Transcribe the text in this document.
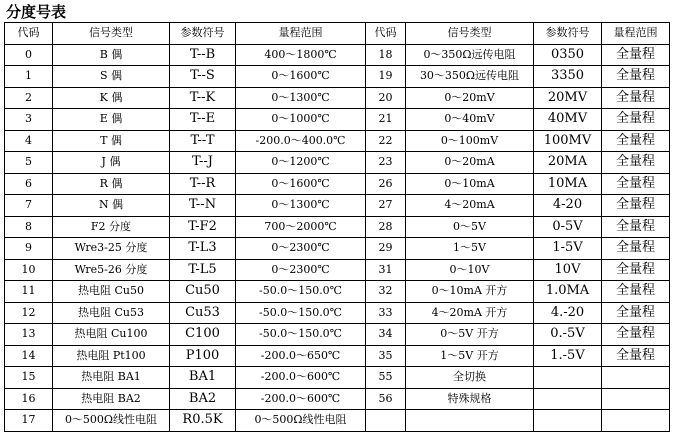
分度号表
代码	信号类型	参数符号	量程范围	代码	信号类型	参数符号	量程范围
0	B 偶	T--B	400～1800℃	18	0～350Ω远传电阻	0350	全量程
1	S 偶	T--S	0～1600℃	19	30～350Ω远传电阻	3350	全量程
2	K 偶	T--K	0～1300℃	20	0～20mV	20MV	全量程
3	E 偶	T--E	0～1000℃	21	0～40mV	40MV	全量程
4	T 偶	T--T	-200.0～400.0℃	22	0～100mV	100MV	全量程
5	J 偶	T--J	0～1200℃	23	0～20mA	20MA	全量程
6	R 偶	T--R	0～1600℃	26	0～10mA	10MA	全量程
7	N 偶	T--N	0～1300℃	27	4～20mA	4-20	全量程
8	F2 分度	T-F2	700～2000℃	28	0～5V	0-5V	全量程
9	Wre3-25 分度	T-L3	0～2300℃	29	1～5V	1-5V	全量程
10	Wre5-26 分度	T-L5	0～2300℃	31	0～10V	10V	全量程
11	热电阻 Cu50	Cu50	-50.0～150.0℃	32	0～10mA 开方	1.0MA	全量程
12	热电阻 Cu53	Cu53	-50.0～150.0℃	33	4～20mA 开方	4.-20	全量程
13	热电阻 Cu100	C100	-50.0～150.0℃	34	0～5V 开方	0.-5V	全量程
14	热电阻 Pt100	P100	-200.0～650℃	35	1～5V 开方	1.-5V	全量程
15	热电阻 BA1	BA1	-200.0～600℃	55	全切换		
16	热电阻 BA2	BA2	-200.0～600℃	56	特殊规格		
17	0～500Ω线性电阻	R0.5K	0～500Ω线性电阻				
